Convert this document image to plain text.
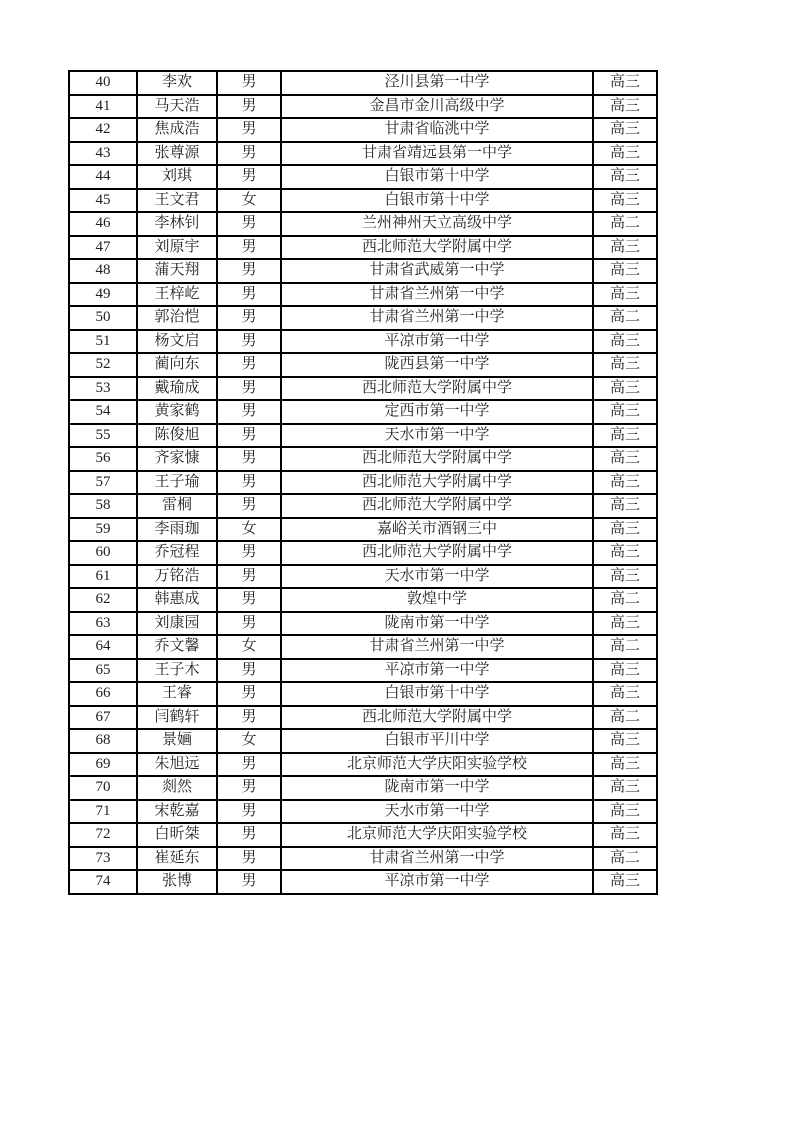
40	李欢	男	泾川县第一中学	高三
41	马天浩	男	金昌市金川高级中学	高三
42	焦成浩	男	甘肃省临洮中学	高三
43	张尊源	男	甘肃省靖远县第一中学	高三
44	刘琪	男	白银市第十中学	高三
45	王文君	女	白银市第十中学	高三
46	李林钊	男	兰州神州天立高级中学	高二
47	刘原宇	男	西北师范大学附属中学	高三
48	蒲天翔	男	甘肃省武威第一中学	高三
49	王梓屹	男	甘肃省兰州第一中学	高三
50	郭治恺	男	甘肃省兰州第一中学	高二
51	杨文启	男	平凉市第一中学	高三
52	蔺向东	男	陇西县第一中学	高三
53	戴瑜成	男	西北师范大学附属中学	高三
54	黄家鹤	男	定西市第一中学	高三
55	陈俊旭	男	天水市第一中学	高三
56	齐家慷	男	西北师范大学附属中学	高三
57	王子瑜	男	西北师范大学附属中学	高三
58	雷桐	男	西北师范大学附属中学	高三
59	李雨珈	女	嘉峪关市酒钢三中	高三
60	乔冠程	男	西北师范大学附属中学	高三
61	万铭浩	男	天水市第一中学	高三
62	韩惠成	男	敦煌中学	高二
63	刘康园	男	陇南市第一中学	高三
64	乔文馨	女	甘肃省兰州第一中学	高二
65	王子木	男	平凉市第一中学	高三
66	王睿	男	白银市第十中学	高三
67	闫鹤轩	男	西北师范大学附属中学	高二
68	景婳	女	白银市平川中学	高三
69	朱旭远	男	北京师范大学庆阳实验学校	高三
70	剡然	男	陇南市第一中学	高三
71	宋乾嘉	男	天水市第一中学	高三
72	白昕桀	男	北京师范大学庆阳实验学校	高三
73	崔延东	男	甘肃省兰州第一中学	高二
74	张博	男	平凉市第一中学	高三
